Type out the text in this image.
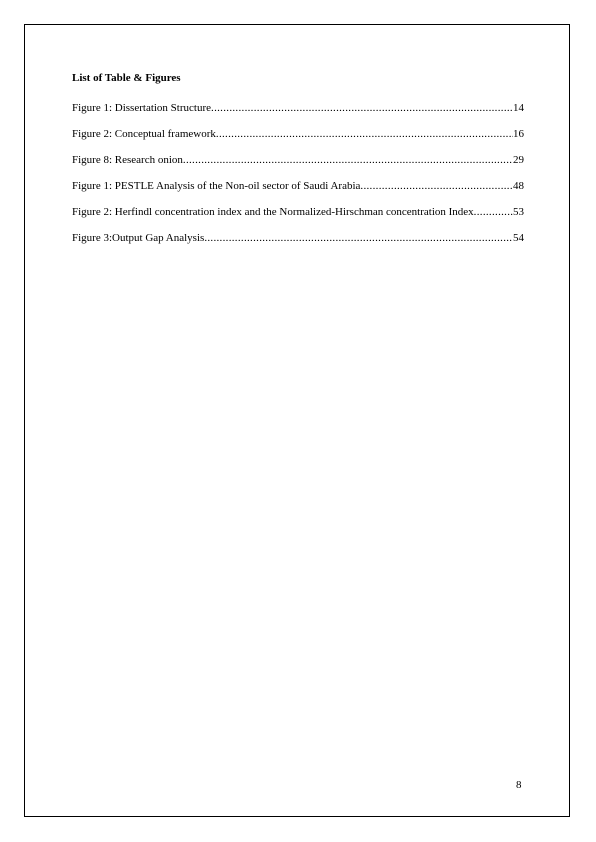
List of Table & Figures
Figure 1: Dissertation Structure .....	14
Figure 2: Conceptual framework .....	16
Figure 8: Research onion .....	29
Figure 1: PESTLE Analysis of the Non-oil sector of Saudi Arabia .....	48
Figure 2: Herfindl concentration index and the Normalized-Hirschman concentration Index .....	53
Figure 3:Output Gap Analysis .....	54
8
